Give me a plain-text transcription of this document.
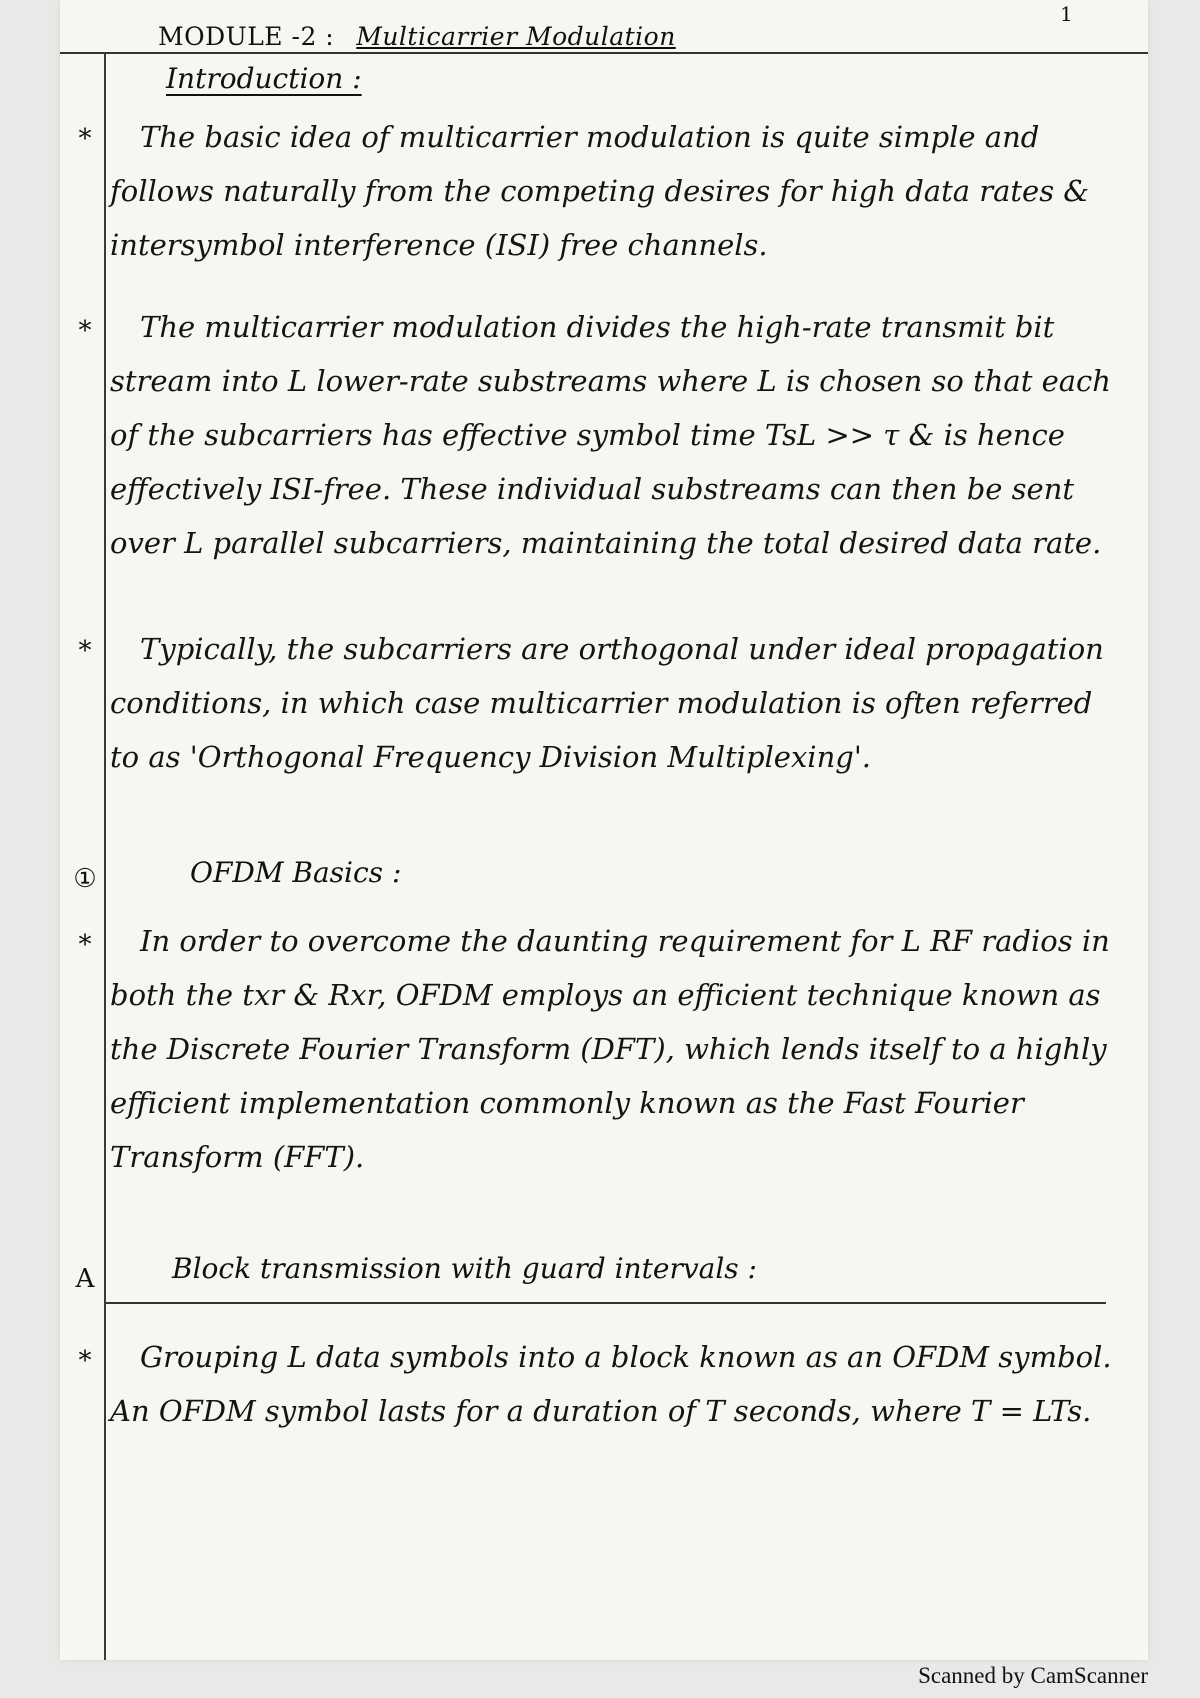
1
MODULE -2 : Multicarrier Modulation
Introduction :
*	The basic idea of multicarrier modulation is quite simple and follows naturally from the competing desires for high data rates & intersymbol interference (ISI) free channels.

*	The multicarrier modulation divides the high-rate transmit bit stream into L lower-rate substreams where L is chosen so that each of the subcarriers has effective symbol time TsL >> τ & is hence effectively ISI-free. These individual substreams can then be sent over L parallel subcarriers, maintaining the total desired data rate.

*	Typically, the subcarriers are orthogonal under ideal propagation conditions, in which case multicarrier modulation is often referred to as 'Orthogonal Frequency Division Multiplexing'.

①	OFDM Basics :
*	In order to overcome the daunting requirement for L RF radios in both the txr & Rxr, OFDM employs an efficient technique known as the Discrete Fourier Transform (DFT), which lends itself to a highly efficient implementation commonly known as the Fast Fourier Transform (FFT).

A	Block transmission with guard intervals :
*	Grouping L data symbols into a block known as an OFDM symbol. An OFDM symbol lasts for a duration of T seconds, where T = LTs.

Scanned by CamScanner
